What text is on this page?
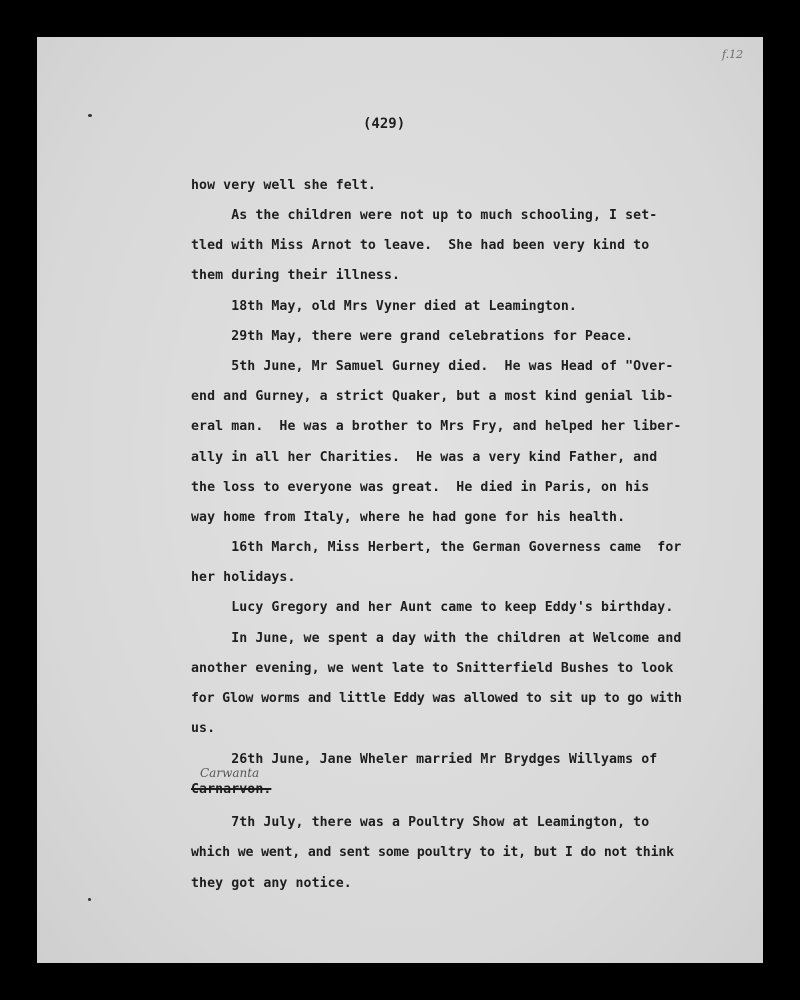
f.12
(429)
how very well she felt.
As the children were not up to much schooling, I set-
tled with Miss Arnot to leave.  She had been very kind to
them during their illness.
18th May, old Mrs Vyner died at Leamington.
29th May, there were grand celebrations for Peace.
5th June, Mr Samuel Gurney died.  He was Head of "Over-
end and Gurney, a strict Quaker, but a most kind genial lib-
eral man.  He was a brother to Mrs Fry, and helped her liber-
ally in all her Charities.  He was a very kind Father, and
the loss to everyone was great.  He died in Paris, on his
way home from Italy, where he had gone for his health.
16th March, Miss Herbert, the German Governess came  for
her holidays.
Lucy Gregory and her Aunt came to keep Eddy's birthday.
In June, we spent a day with the children at Welcome and
another evening, we went late to Snitterfield Bushes to look
for Glow worms and little Eddy was allowed to sit up to go with
us.
26th June, Jane Wheler married Mr Brydges Willyams of
Carnarvon.
7th July, there was a Poultry Show at Leamington, to
which we went, and sent some poultry to it, but I do not think
they got any notice.
Carwanta
